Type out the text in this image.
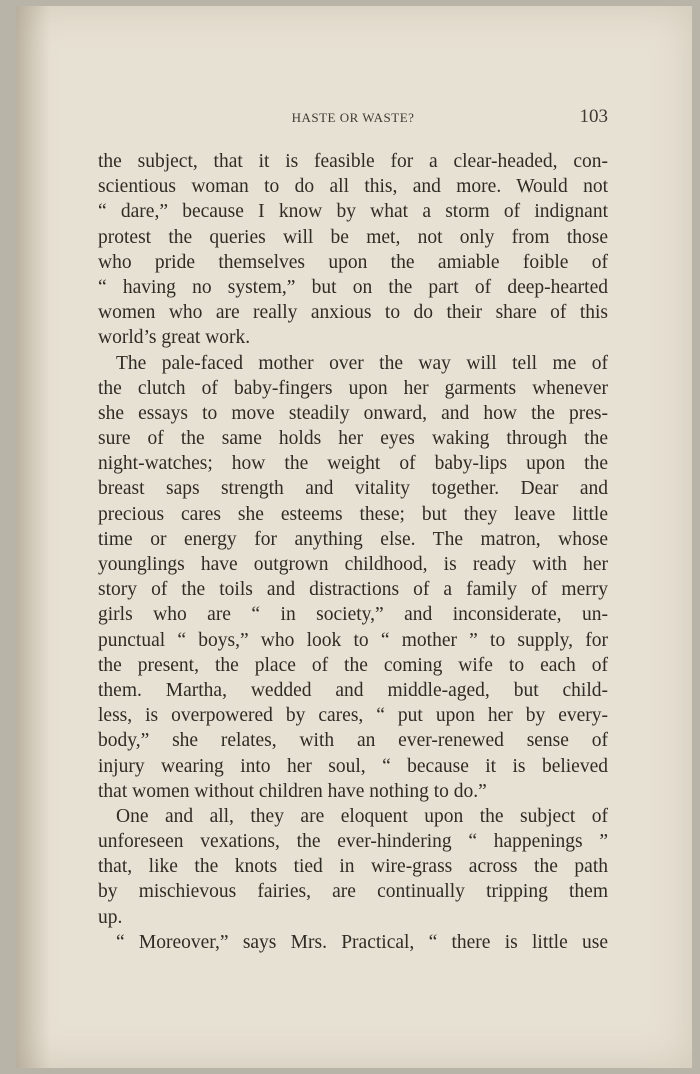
HASTE OR WASTE?	103
the subject, that it is feasible for a clear-headed, con-
scientious woman to do all this, and more. Would not
“ dare,” because I know by what a storm of indignant
protest the queries will be met, not only from those
who pride themselves upon the amiable foible of
“ having no system,” but on the part of deep-hearted
women who are really anxious to do their share of this
world’s great work.
The pale-faced mother over the way will tell me of
the clutch of baby-fingers upon her garments whenever
she essays to move steadily onward, and how the pres-
sure of the same holds her eyes waking through the
night-watches; how the weight of baby-lips upon the
breast saps strength and vitality together. Dear and
precious cares she esteems these; but they leave little
time or energy for anything else. The matron, whose
younglings have outgrown childhood, is ready with her
story of the toils and distractions of a family of merry
girls who are “ in society,” and inconsiderate, un-
punctual “ boys,” who look to “ mother ” to supply, for
the present, the place of the coming wife to each of
them. Martha, wedded and middle-aged, but child-
less, is overpowered by cares, “ put upon her by every-
body,” she relates, with an ever-renewed sense of
injury wearing into her soul, “ because it is believed
that women without children have nothing to do.”
One and all, they are eloquent upon the subject of
unforeseen vexations, the ever-hindering “ happenings ”
that, like the knots tied in wire-grass across the path
by mischievous fairies, are continually tripping them
up.
“ Moreover,” says Mrs. Practical, “ there is little use
